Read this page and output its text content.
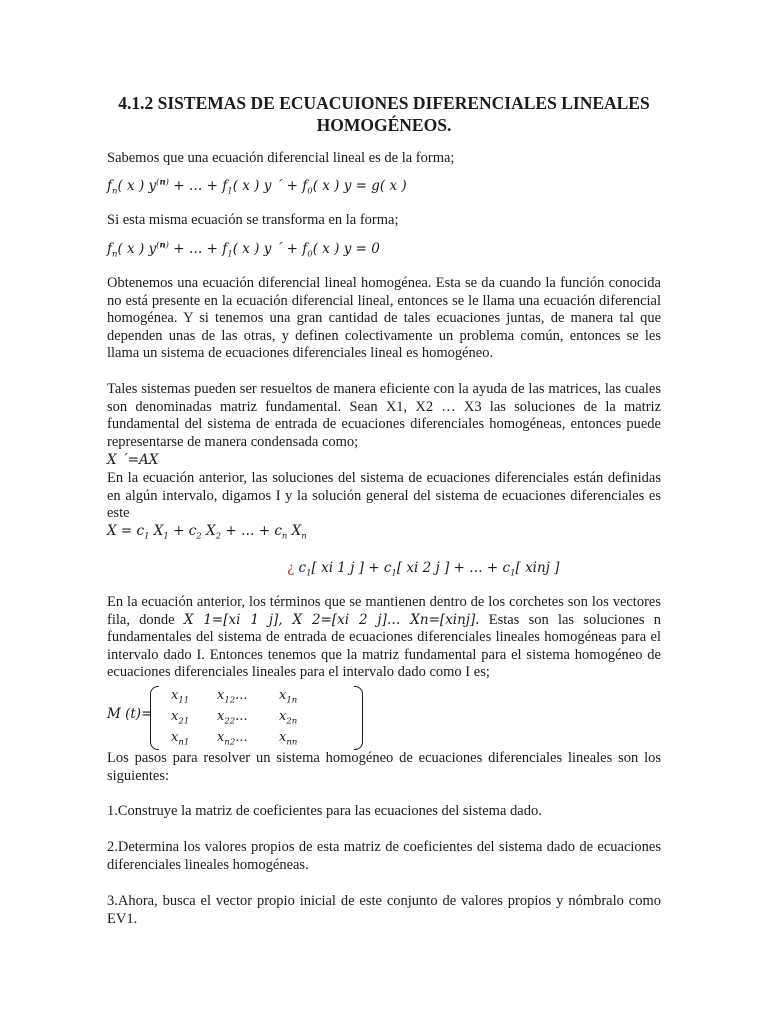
4.1.2 SISTEMAS DE ECUACUIONES DIFERENCIALES LINEALES
HOMOGÉNEOS.
Sabemos que una ecuación diferencial lineal es de la forma;
$f_n$( x ) $y^{(n)}$ + … + $f_1$( x ) y ´ + $f_0$( x ) y = g( x )
Si esta misma ecuación se transforma en la forma;
$f_n$( x ) $y^{(n)}$ + … + $f_1$( x ) y ´ + $f_0$( x ) y = 0
Obtenemos una ecuación diferencial lineal homogénea. Esta se da cuando la función conocida no está presente en la ecuación diferencial lineal, entonces se le llama una ecuación diferencial homogénea. Y si tenemos una gran cantidad de tales ecuaciones juntas, de manera tal que dependen unas de las otras, y definen colectivamente un problema común, entonces se les llama un sistema de ecuaciones diferenciales lineal es homogéneo.
Tales sistemas pueden ser resueltos de manera eficiente con la ayuda de las matrices, las cuales son denominadas matriz fundamental. Sean X1, X2 … X3 las soluciones de la matriz fundamental del sistema de entrada de ecuaciones diferenciales homogéneas, entonces puede representarse de manera condensada como;
X ´=AX
En la ecuación anterior, las soluciones del sistema de ecuaciones diferenciales están definidas en algún intervalo, digamos I y la solución general del sistema de ecuaciones diferenciales es este
$X = c_1$ $X_1 + c_2$ $X_2$ + … + $c_n$ $X_n$
¿ $c_1$[ xi 1 j ] + $c_1$[ xi 2 j ] + … + $c_1$[ xinj ]
En la ecuación anterior, los términos que se mantienen dentro de los corchetes son los vectores fila, donde X 1=[xi 1 j], X 2=[xi 2 j]… Xn=[xinj]. Estas son las soluciones n fundamentales del sistema de entrada de ecuaciones diferenciales lineales homogéneas para el intervalo dado I. Entonces tenemos que la matriz fundamental para el sistema homogéneo de ecuaciones diferenciales lineales para el intervalo dado como I es;
M (t)=
$x_{11}$ $x_{12}$... $x_{1n}$
$x_{21}$ $x_{22}$... $x_{2n}$
$x_{n1}$ $x_{n2}$... $x_{nn}$
Los pasos para resolver un sistema homogéneo de ecuaciones diferenciales lineales son los siguientes:
1.Construye la matriz de coeficientes para las ecuaciones del sistema dado.
2.Determina los valores propios de esta matriz de coeficientes del sistema dado de ecuaciones diferenciales lineales homogéneas.
3.Ahora, busca el vector propio inicial de este conjunto de valores propios y nómbralo como EV1.
